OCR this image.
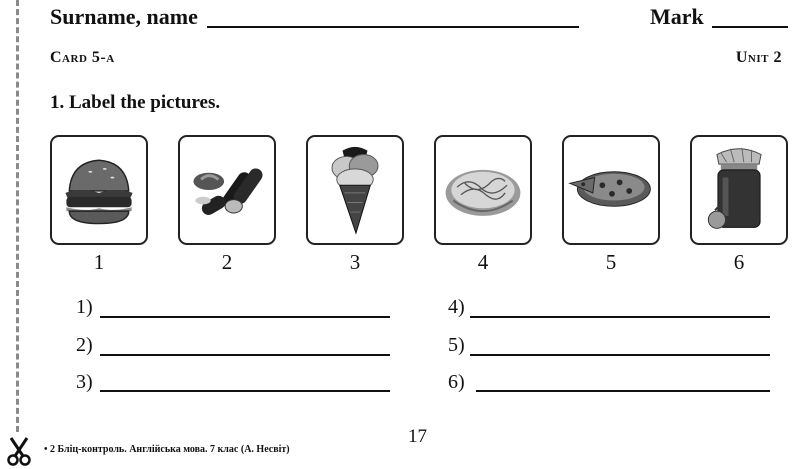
Surname, name	Mark
Card 5-a	Unit 2
1. Label the pictures.
1	2	3	4	5	6
1)
2)
3)
4)
5)
6)
17
• 2 Бліц-контроль. Англійська мова. 7 клас (А. Несвіт)
